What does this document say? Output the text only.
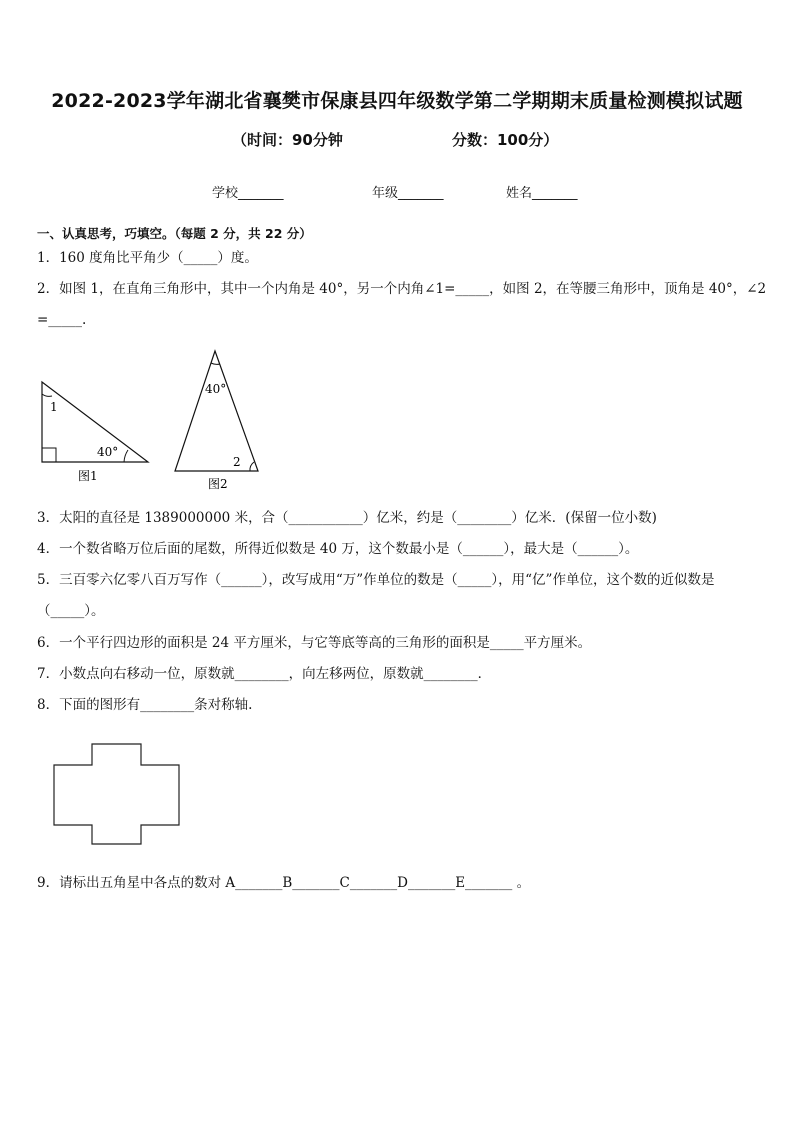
2022-2023学年湖北省襄樊市保康县四年级数学第二学期期末质量检测模拟试题
（时间：90分钟	分数：100分）
学校_______	年级_______	姓名_______
一、认真思考，巧填空。（每题 2 分，共 22 分）
1．160 度角比平角少（_____）度。
2．如图 1，在直角三角形中，其中一个内角是 40°，另一个内角∠1=_____，如图 2，在等腰三角形中，顶角是 40°，∠2
=_____.
1
40°
图1
40°
2
图2
3．太阳的直径是 1389000000 米，合（___________）亿米，约是（________）亿米．(保留一位小数)
4．一个数省略万位后面的尾数，所得近似数是 40 万，这个数最小是（______），最大是（______）。
5．三百零六亿零八百万写作（______），改写成用“万”作单位的数是（_____），用“亿”作单位，这个数的近似数是
（_____）。
6．一个平行四边形的面积是 24 平方厘米，与它等底等高的三角形的面积是_____平方厘米。
7．小数点向右移动一位，原数就________，向左移两位，原数就________．
8．下面的图形有________条对称轴.
9．请标出五角星中各点的数对 A_______B_______C_______D_______E_______ 。
